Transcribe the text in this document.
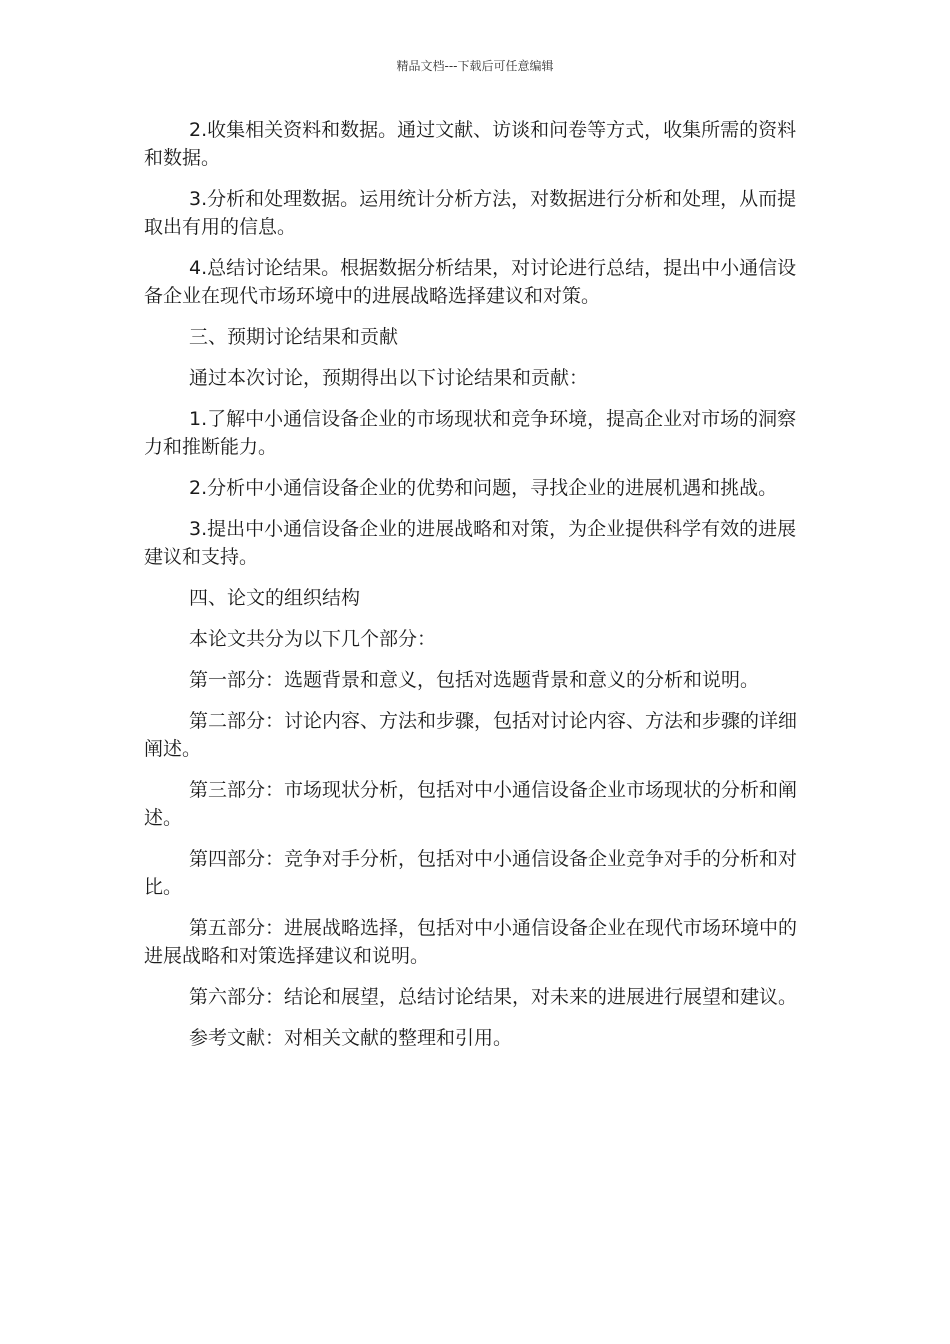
精品文档---下载后可任意编辑

2.收集相关资料和数据。通过文献、访谈和问卷等方式，收集所需的资料和数据。

3.分析和处理数据。运用统计分析方法，对数据进行分析和处理，从而提取出有用的信息。

4.总结讨论结果。根据数据分析结果，对讨论进行总结，提出中小通信设备企业在现代市场环境中的进展战略选择建议和对策。

三、预期讨论结果和贡献

通过本次讨论，预期得出以下讨论结果和贡献：

1.了解中小通信设备企业的市场现状和竞争环境，提高企业对市场的洞察力和推断能力。

2.分析中小通信设备企业的优势和问题，寻找企业的进展机遇和挑战。

3.提出中小通信设备企业的进展战略和对策，为企业提供科学有效的进展建议和支持。

四、论文的组织结构

本论文共分为以下几个部分：

第一部分：选题背景和意义，包括对选题背景和意义的分析和说明。

第二部分：讨论内容、方法和步骤，包括对讨论内容、方法和步骤的详细阐述。

第三部分：市场现状分析，包括对中小通信设备企业市场现状的分析和阐述。

第四部分：竞争对手分析，包括对中小通信设备企业竞争对手的分析和对比。

第五部分：进展战略选择，包括对中小通信设备企业在现代市场环境中的进展战略和对策选择建议和说明。

第六部分：结论和展望，总结讨论结果，对未来的进展进行展望和建议。

参考文献：对相关文献的整理和引用。
